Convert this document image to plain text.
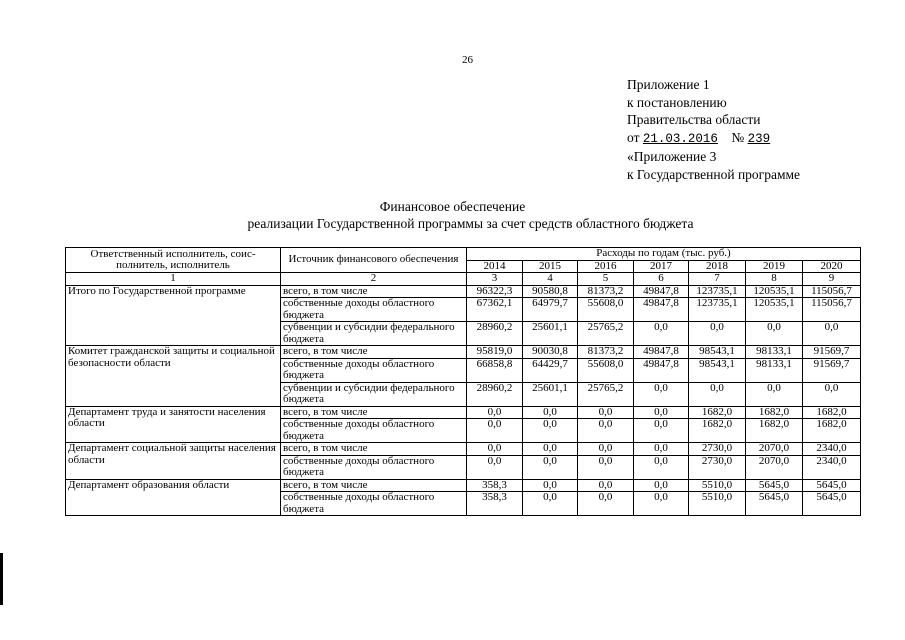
26
Приложение 1
к постановлению
Правительства области
от 21.03.2016 № 239
«Приложение 3
к Государственной программе
Финансовое обеспечение
реализации Государственной программы за счет средств областного бюджета
Ответственный исполнитель, соисполнитель, исполнитель	Источник финансового обеспечения	Расходы по годам (тыс. руб.)						
		2014	2015	2016	2017	2018	2019	2020
1	2	3	4	5	6	7	8	9
Итого по Государственной программе	всего, в том числе	96322,3	90580,8	81373,2	49847,8	123735,1	120535,1	115056,7
	собственные доходы областного бюджета	67362,1	64979,7	55608,0	49847,8	123735,1	120535,1	115056,7
	субвенции и субсидии федерального бюджета	28960,2	25601,1	25765,2	0,0	0,0	0,0	0,0
Комитет гражданской защиты и социальной безопасности области	всего, в том числе	95819,0	90030,8	81373,2	49847,8	98543,1	98133,1	91569,7
	собственные доходы областного бюджета	66858,8	64429,7	55608,0	49847,8	98543,1	98133,1	91569,7
	субвенции и субсидии федерального бюджета	28960,2	25601,1	25765,2	0,0	0,0	0,0	0,0
Департамент труда и занятости населения области	всего, в том числе	0,0	0,0	0,0	0,0	1682,0	1682,0	1682,0
	собственные доходы областного бюджета	0,0	0,0	0,0	0,0	1682,0	1682,0	1682,0
Департамент социальной защиты населения области	всего, в том числе	0,0	0,0	0,0	0,0	2730,0	2070,0	2340,0
	собственные доходы областного бюджета	0,0	0,0	0,0	0,0	2730,0	2070,0	2340,0
Департамент образования области	всего, в том числе	358,3	0,0	0,0	0,0	5510,0	5645,0	5645,0
	собственные доходы областного бюджета	358,3	0,0	0,0	0,0	5510,0	5645,0	5645,0
